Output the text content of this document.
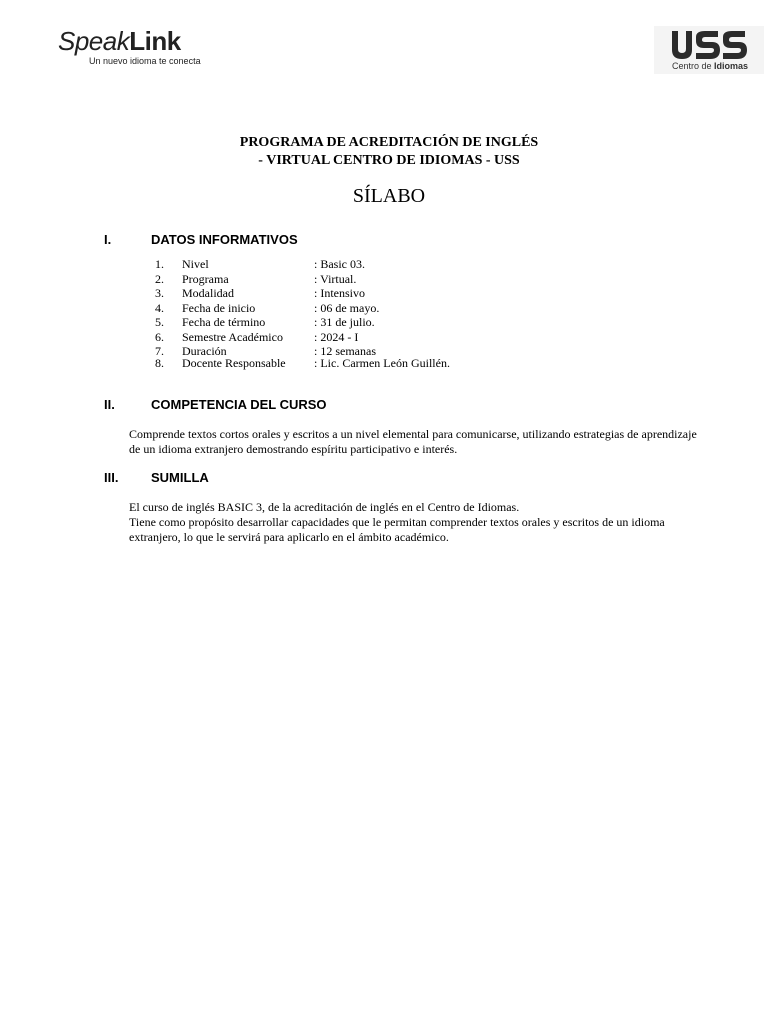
SpeakLink
Un nuevo idioma te conecta	Centro de Idiomas
PROGRAMA DE ACREDITACIÓN DE INGLÉS
- VIRTUAL CENTRO DE IDIOMAS - USS
SÍLABO
I.	DATOS INFORMATIVOS
1. Nivel	: Basic 03.
2. Programa	: Virtual.
3. Modalidad	: Intensivo
4. Fecha de inicio	: 06 de mayo.
5. Fecha de término	: 31 de julio.
6. Semestre Académico	: 2024 - I
7. Duración	: 12 semanas
8. Docente Responsable : Lic. Carmen León Guillén.
II.	COMPETENCIA DEL CURSO
Comprende textos cortos orales y escritos a un nivel elemental para comunicarse, utilizando estrategias de aprendizaje
de un idioma extranjero demostrando espíritu participativo e interés.
III.	SUMILLA
El curso de inglés BASIC 3, de la acreditación de inglés en el Centro de Idiomas.
Tiene como propósito desarrollar capacidades que le permitan comprender textos orales y escritos de un idioma
extranjero, lo que le servirá para aplicarlo en el ámbito académico.
